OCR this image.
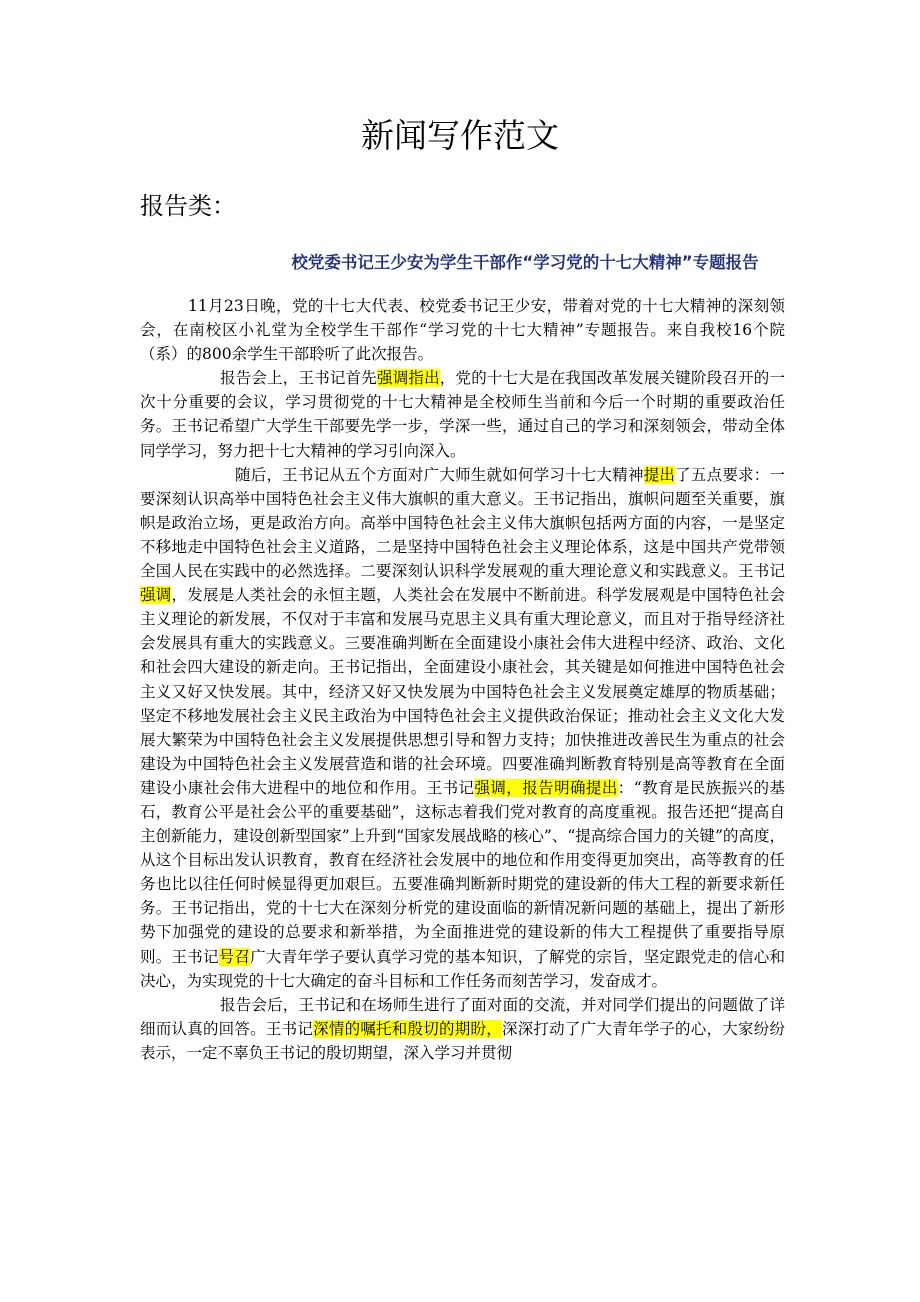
新闻写作范文
报告类：
校党委书记王少安为学生干部作“学习党的十七大精神”专题报告

11月23日晚，党的十七大代表、校党委书记王少安，带着对党的十七大精神的深刻领会，在南校区小礼堂为全校学生干部作“学习党的十七大精神”专题报告。来自我校16个院（系）的800余学生干部聆听了此次报告。

报告会上，王书记首先强调指出，党的十七大是在我国改革发展关键阶段召开的一次十分重要的会议，学习贯彻党的十七大精神是全校师生当前和今后一个时期的重要政治任务。王书记希望广大学生干部要先学一步，学深一些，通过自己的学习和深刻领会，带动全体同学学习，努力把十七大精神的学习引向深入。

随后，王书记从五个方面对广大师生就如何学习十七大精神提出了五点要求：一要深刻认识高举中国特色社会主义伟大旗帜的重大意义。王书记指出，旗帜问题至关重要，旗帜是政治立场，更是政治方向。高举中国特色社会主义伟大旗帜包括两方面的内容，一是坚定不移地走中国特色社会主义道路，二是坚持中国特色社会主义理论体系，这是中国共产党带领全国人民在实践中的必然选择。二要深刻认识科学发展观的重大理论意义和实践意义。王书记强调，发展是人类社会的永恒主题，人类社会在发展中不断前进。科学发展观是中国特色社会主义理论的新发展，不仅对于丰富和发展马克思主义具有重大理论意义，而且对于指导经济社会发展具有重大的实践意义。三要准确判断在全面建设小康社会伟大进程中经济、政治、文化和社会四大建设的新走向。王书记指出，全面建设小康社会，其关键是如何推进中国特色社会主义又好又快发展。其中，经济又好又快发展为中国特色社会主义发展奠定雄厚的物质基础；坚定不移地发展社会主义民主政治为中国特色社会主义提供政治保证；推动社会主义文化大发展大繁荣为中国特色社会主义发展提供思想引导和智力支持；加快推进改善民生为重点的社会建设为中国特色社会主义发展营造和谐的社会环境。四要准确判断教育特别是高等教育在全面建设小康社会伟大进程中的地位和作用。王书记强调，报告明确提出：“教育是民族振兴的基石，教育公平是社会公平的重要基础”，这标志着我们党对教育的高度重视。报告还把“提高自主创新能力，建设创新型国家”上升到“国家发展战略的核心”、“提高综合国力的关键”的高度，从这个目标出发认识教育，教育在经济社会发展中的地位和作用变得更加突出，高等教育的任务也比以往任何时候显得更加艰巨。五要准确判断新时期党的建设新的伟大工程的新要求新任务。王书记指出，党的十七大在深刻分析党的建设面临的新情况新问题的基础上，提出了新形势下加强党的建设的总要求和新举措，为全面推进党的建设新的伟大工程提供了重要指导原则。王书记号召广大青年学子要认真学习党的基本知识，了解党的宗旨，坚定跟党走的信心和决心，为实现党的十七大确定的奋斗目标和工作任务而刻苦学习，发奋成才。

报告会后，王书记和在场师生进行了面对面的交流，并对同学们提出的问题做了详细而认真的回答。王书记深情的嘱托和殷切的期盼，深深打动了广大青年学子的心，大家纷纷表示，一定不辜负王书记的殷切期望，深入学习并贯彻
